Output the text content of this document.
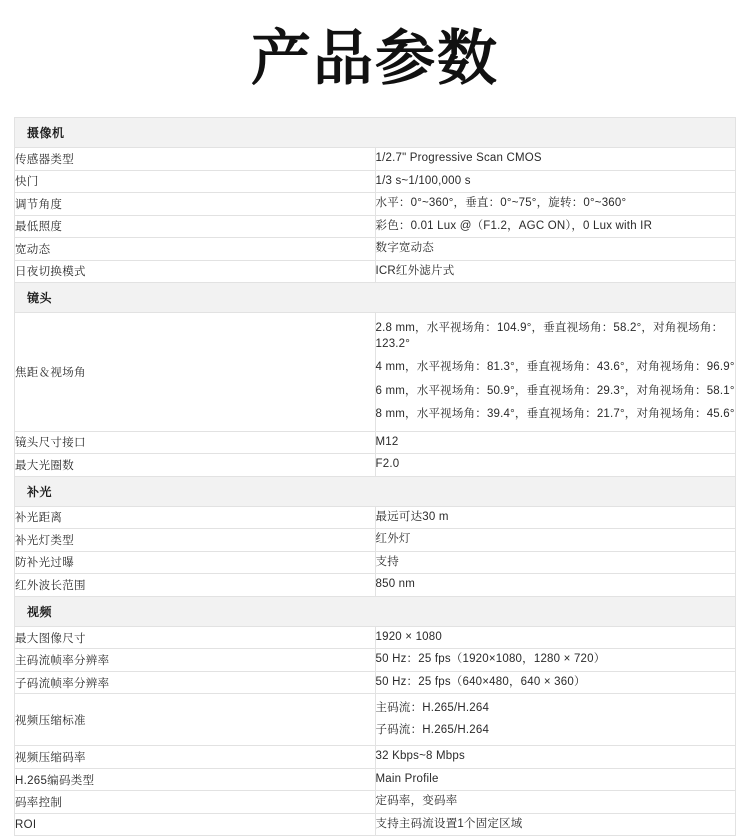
产品参数
摄像机	
传感器类型	1/2.7" Progressive Scan CMOS

快门	1/3 s~1/100,000 s

调节角度	水平：0°~360°，垂直：0°~75°，旋转：0°~360°

最低照度	彩色：0.01 Lux @（F1.2，AGC ON），0 Lux with IR

宽动态	数字宽动态

日夜切换模式	ICR红外滤片式

镜头	
焦距＆视场角	2.8 mm，水平视场角：104.9°，垂直视场角：58.2°，对角视场角：123.2°
4 mm，水平视场角：81.3°，垂直视场角：43.6°，对角视场角：96.9°
6 mm，水平视场角：50.9°，垂直视场角：29.3°，对角视场角：58.1°
8 mm，水平视场角：39.4°，垂直视场角：21.7°，对角视场角：45.6°

镜头尺寸接口	M12

最大光圈数	F2.0

补光	
补光距离	最远可达30 m

补光灯类型	红外灯

防补光过曝	支持

红外波长范围	850 nm

视频	
最大图像尺寸	1920 × 1080

主码流帧率分辨率	50 Hz：25 fps（1920×1080，1280 × 720）

子码流帧率分辨率	50 Hz：25 fps（640×480，640 × 360）

视频压缩标准	主码流：H.265/H.264
子码流：H.265/H.264

视频压缩码率	32 Kbps~8 Mbps

H.265编码类型	Main Profile

码率控制	定码率，变码率

ROI	支持主码流设置1个固定区域
